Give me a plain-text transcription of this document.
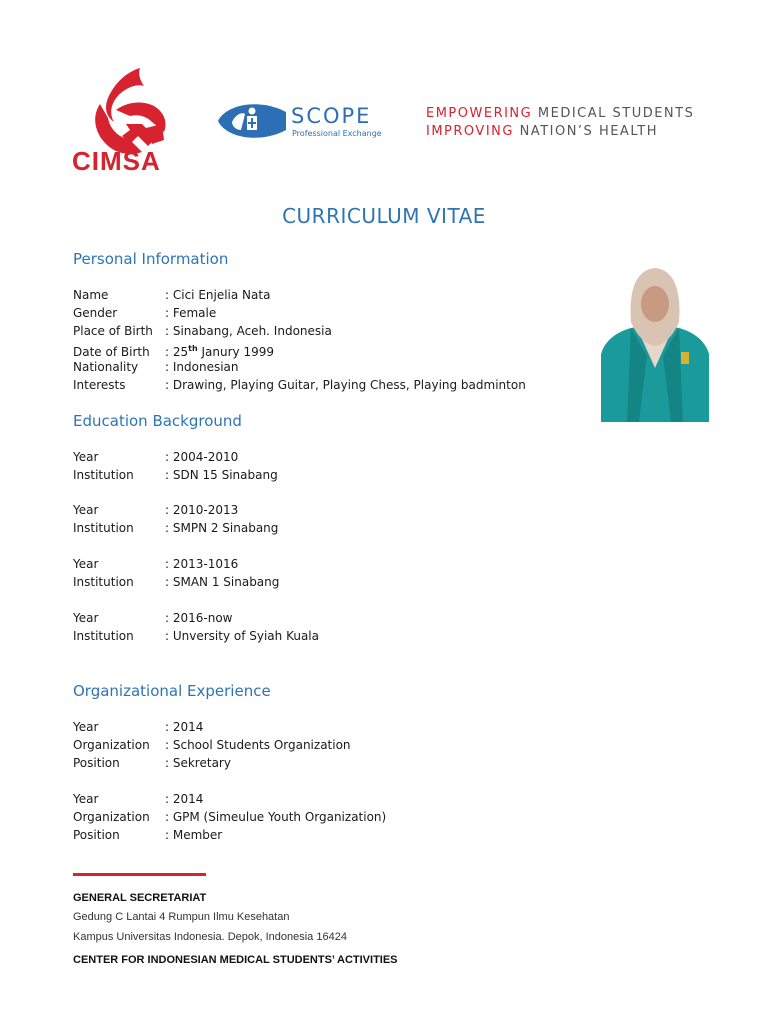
CIMSA
SCOPE
Professional Exchange
EMPOWERING MEDICAL STUDENTS
IMPROVING NATION’S HEALTH
CURRICULUM VITAE
Personal Information
Name	: Cici Enjelia Nata
Gender	: Female
Place of Birth : Sinabang, Aceh. Indonesia
Date of Birth : 25th Janury 1999
Nationality : Indonesian
Interests	: Drawing, Playing Guitar, Playing Chess, Playing badminton
Education Background
Year	: 2004-2010
Institution	: SDN 15 Sinabang
Year	: 2010-2013
Institution	: SMPN 2 Sinabang
Year	: 2013-1016
Institution	: SMAN 1 Sinabang
Year	: 2016-now
Institution	: Unversity of Syiah Kuala
Organizational Experience
Year	: 2014
Organization : School Students Organization
Position	: Sekretary
Year	: 2014
Organization : GPM (Simeulue Youth Organization)
Position	: Member
GENERAL SECRETARIAT
Gedung C Lantai 4 Rumpun Ilmu Kesehatan
Kampus Universitas Indonesia. Depok, Indonesia 16424
CENTER FOR INDONESIAN MEDICAL STUDENTS’ ACTIVITIES
